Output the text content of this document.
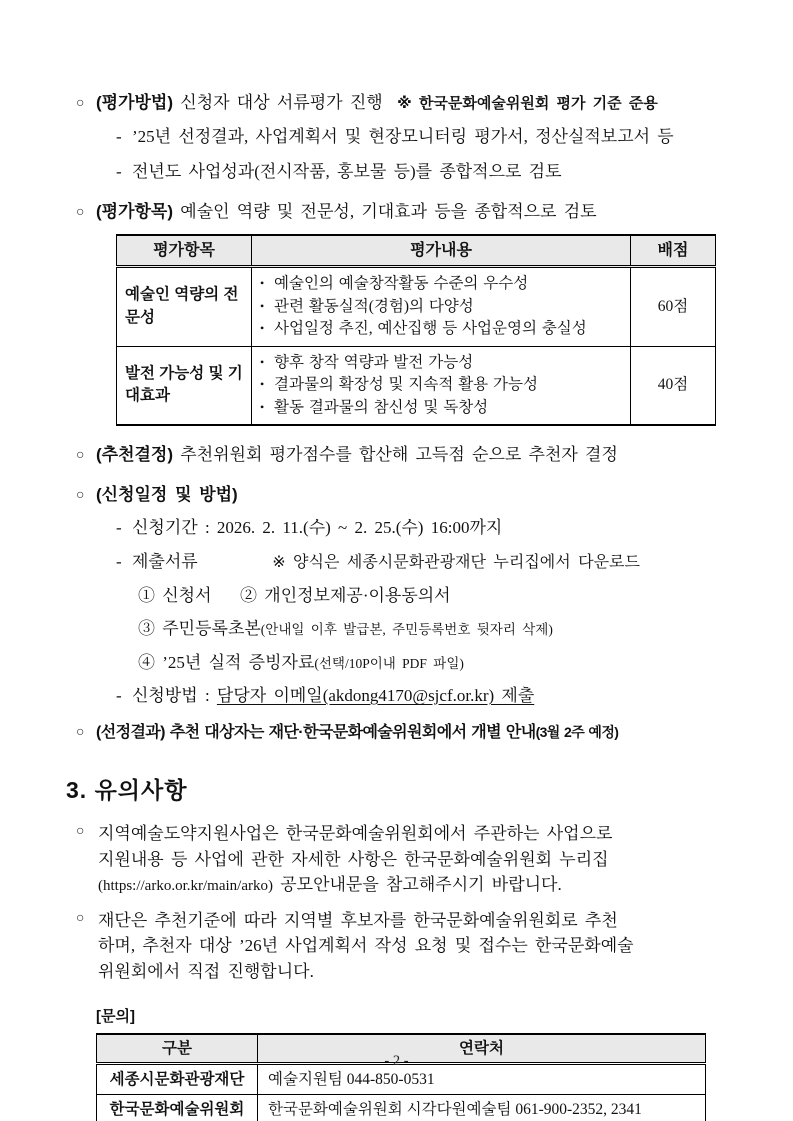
○ (평가방법) 신청자 대상 서류평가 진행 ※ 한국문화예술위원회 평가 기준 준용
- ’25년 선정결과, 사업계획서 및 현장모니터링 평가서, 정산실적보고서 등
- 전년도 사업성과(전시작품, 홍보물 등)를 종합적으로 검토
○ (평가항목) 예술인 역량 및 전문성, 기대효과 등을 종합적으로 검토
평가항목	평가내용	배점
예술인 역량의 전문성	• 예술인의 예술창작활동 수준의 우수성
• 관련 활동실적(경험)의 다양성
• 사업일정 추진, 예산집행 등 사업운영의 충실성	60점
발전 가능성 및 기대효과	• 향후 창작 역량과 발전 가능성
• 결과물의 확장성 및 지속적 활용 가능성
• 활동 결과물의 참신성 및 독창성	40점
○ (추천결정) 추천위원회 평가점수를 합산해 고득점 순으로 추천자 결정
○ (신청일정 및 방법)
- 신청기간 : 2026. 2. 11.(수) ~ 2. 25.(수) 16:00까지
- 제출서류	※ 양식은 세종시문화관광재단 누리집에서 다운로드
① 신청서 ② 개인정보제공·이용동의서
③ 주민등록초본(안내일 이후 발급본, 주민등록번호 뒷자리 삭제)
④ ’25년 실적 증빙자료(선택/10P이내 PDF 파일)
- 신청방법 : 담당자 이메일(akdong4170@sjcf.or.kr) 제출
○ (선정결과) 추천 대상자는 재단·한국문화예술위원회에서 개별 안내(3월 2주 예정)
3. 유의사항
○ 지역예술도약지원사업은 한국문화예술위원회에서 주관하는 사업으로
지원내용 등 사업에 관한 자세한 사항은 한국문화예술위원회 누리집
(https://arko.or.kr/main/arko) 공모안내문을 참고해주시기 바랍니다.
○ 재단은 추천기준에 따라 지역별 후보자를 한국문화예술위원회로 추천
하며, 추천자 대상 ’26년 사업계획서 작성 요청 및 접수는 한국문화예술
위원회에서 직접 진행합니다.
[문의]
구분	연락처
세종시문화관광재단	예술지원팀 044-850-0531
한국문화예술위원회	한국문화예술위원회 시각다원예술팀 061-900-2352, 2341
- 2 -
